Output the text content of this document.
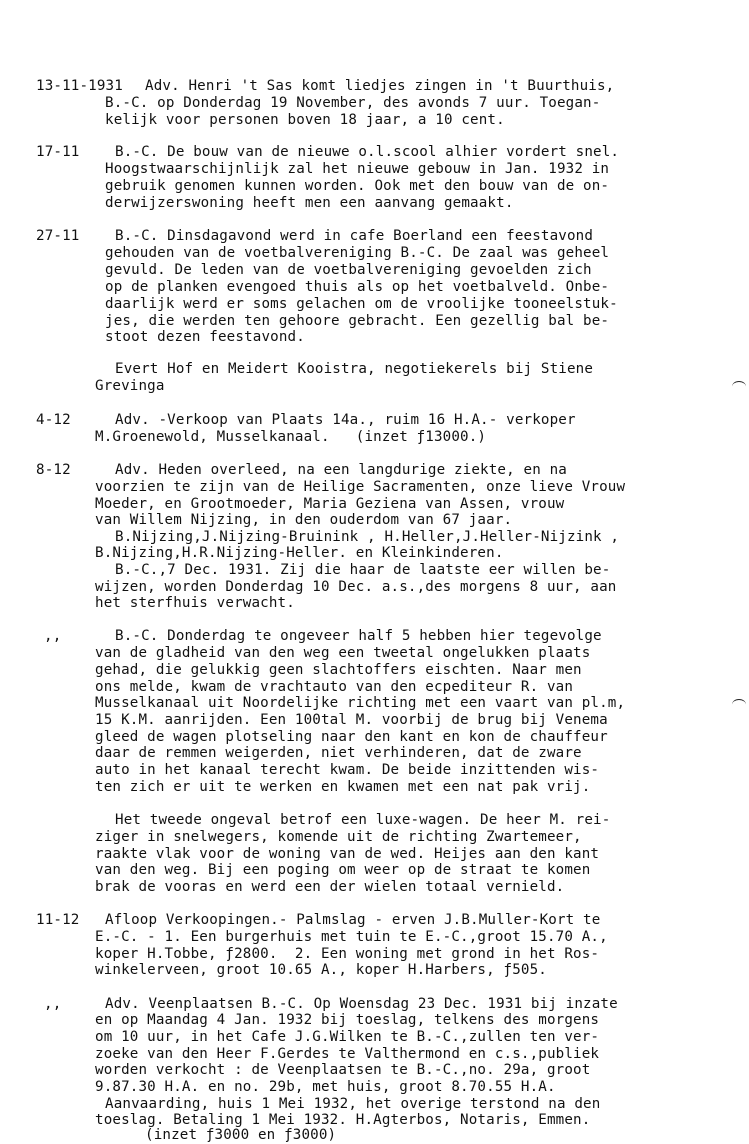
13-11-1931 Adv. Henri 't Sas komt liedjes zingen in 't Buurthuis,
B.-C. op Donderdag 19 November, des avonds 7 uur. Toegan-
kelijk voor personen boven 18 jaar, a 10 cent.
17-11	B.-C. De bouw van de nieuwe o.l.scool alhier vordert snel.
Hoogstwaarschijnlijk zal het nieuwe gebouw in Jan. 1932 in
gebruik genomen kunnen worden. Ook met den bouw van de on-
derwijzerswoning heeft men een aanvang gemaakt.
27-11	B.-C. Dinsdagavond werd in cafe Boerland een feestavond
gehouden van de voetbalvereniging B.-C. De zaal was geheel
gevuld. De leden van de voetbalvereniging gevoelden zich
op de planken evengoed thuis als op het voetbalveld. Onbe-
daarlijk werd er soms gelachen om de vroolijke tooneelstuk-
jes, die werden ten gehoore gebracht. Een gezellig bal be-
stoot dezen feestavond.
Evert Hof en Meidert Kooistra, negotiekerels bij Stiene
Grevinga
4-12	Adv. -Verkoop van Plaats 14a., ruim 16 H.A.- verkoper
M.Groenewold, Musselkanaal.   (inzet ƒ13000.)
8-12	Adv. Heden overleed, na een langdurige ziekte, en na
voorzien te zijn van de Heilige Sacramenten, onze lieve Vrouw
Moeder, en Grootmoeder, Maria Geziena van Assen, vrouw
van Willem Nijzing, in den ouderdom van 67 jaar.
B.Nijzing,J.Nijzing-Bruinink , H.Heller,J.Heller-Nijzink ,
B.Nijzing,H.R.Nijzing-Heller. en Kleinkinderen.
B.-C.,7 Dec. 1931. Zij die haar de laatste eer willen be-
wijzen, worden Donderdag 10 Dec. a.s.,des morgens 8 uur, aan
het sterfhuis verwacht.
,,	B.-C. Donderdag te ongeveer half 5 hebben hier tegevolge
van de gladheid van den weg een tweetal ongelukken plaats
gehad, die gelukkig geen slachtoffers eischten. Naar men
ons melde, kwam de vrachtauto van den ecpediteur R. van
Musselkanaal uit Noordelijke richting met een vaart van pl.m,
15 K.M. aanrijden. Een 100tal M. voorbij de brug bij Venema
gleed de wagen plotseling naar den kant en kon de chauffeur
daar de remmen weigerden, niet verhinderen, dat de zware
auto in het kanaal terecht kwam. De beide inzittenden wis-
ten zich er uit te werken en kwamen met een nat pak vrij.
Het tweede ongeval betrof een luxe-wagen. De heer M. rei-
ziger in snelwegers, komende uit de richting Zwartemeer,
raakte vlak voor de woning van de wed. Heijes aan den kant
van den weg. Bij een poging om weer op de straat te komen
brak de vooras en werd een der wielen totaal vernield.
11-12 Afloop Verkoopingen.- Palmslag - erven J.B.Muller-Kort te
E.-C. - 1. Een burgerhuis met tuin te E.-C.,groot 15.70 A.,
koper H.Tobbe, ƒ2800.  2. Een woning met grond in het Ros-
winkelerveen, groot 10.65 A., koper H.Harbers, ƒ505.
,,	Adv. Veenplaatsen B.-C. Op Woensdag 23 Dec. 1931 bij inzate
en op Maandag 4 Jan. 1932 bij toeslag, telkens des morgens
om 10 uur, in het Cafe J.G.Wilken te B.-C.,zullen ten ver-
zoeke van den Heer F.Gerdes te Valthermond en c.s.,publiek
worden verkocht : de Veenplaatsen te B.-C.,no. 29a, groot
9.87.30 H.A. en no. 29b, met huis, groot 8.70.55 H.A.
Aanvaarding, huis 1 Mei 1932, het overige terstond na den
toeslag. Betaling 1 Mei 1932. H.Agterbos, Notaris, Emmen.
(inzet ƒ3000 en ƒ3000)
